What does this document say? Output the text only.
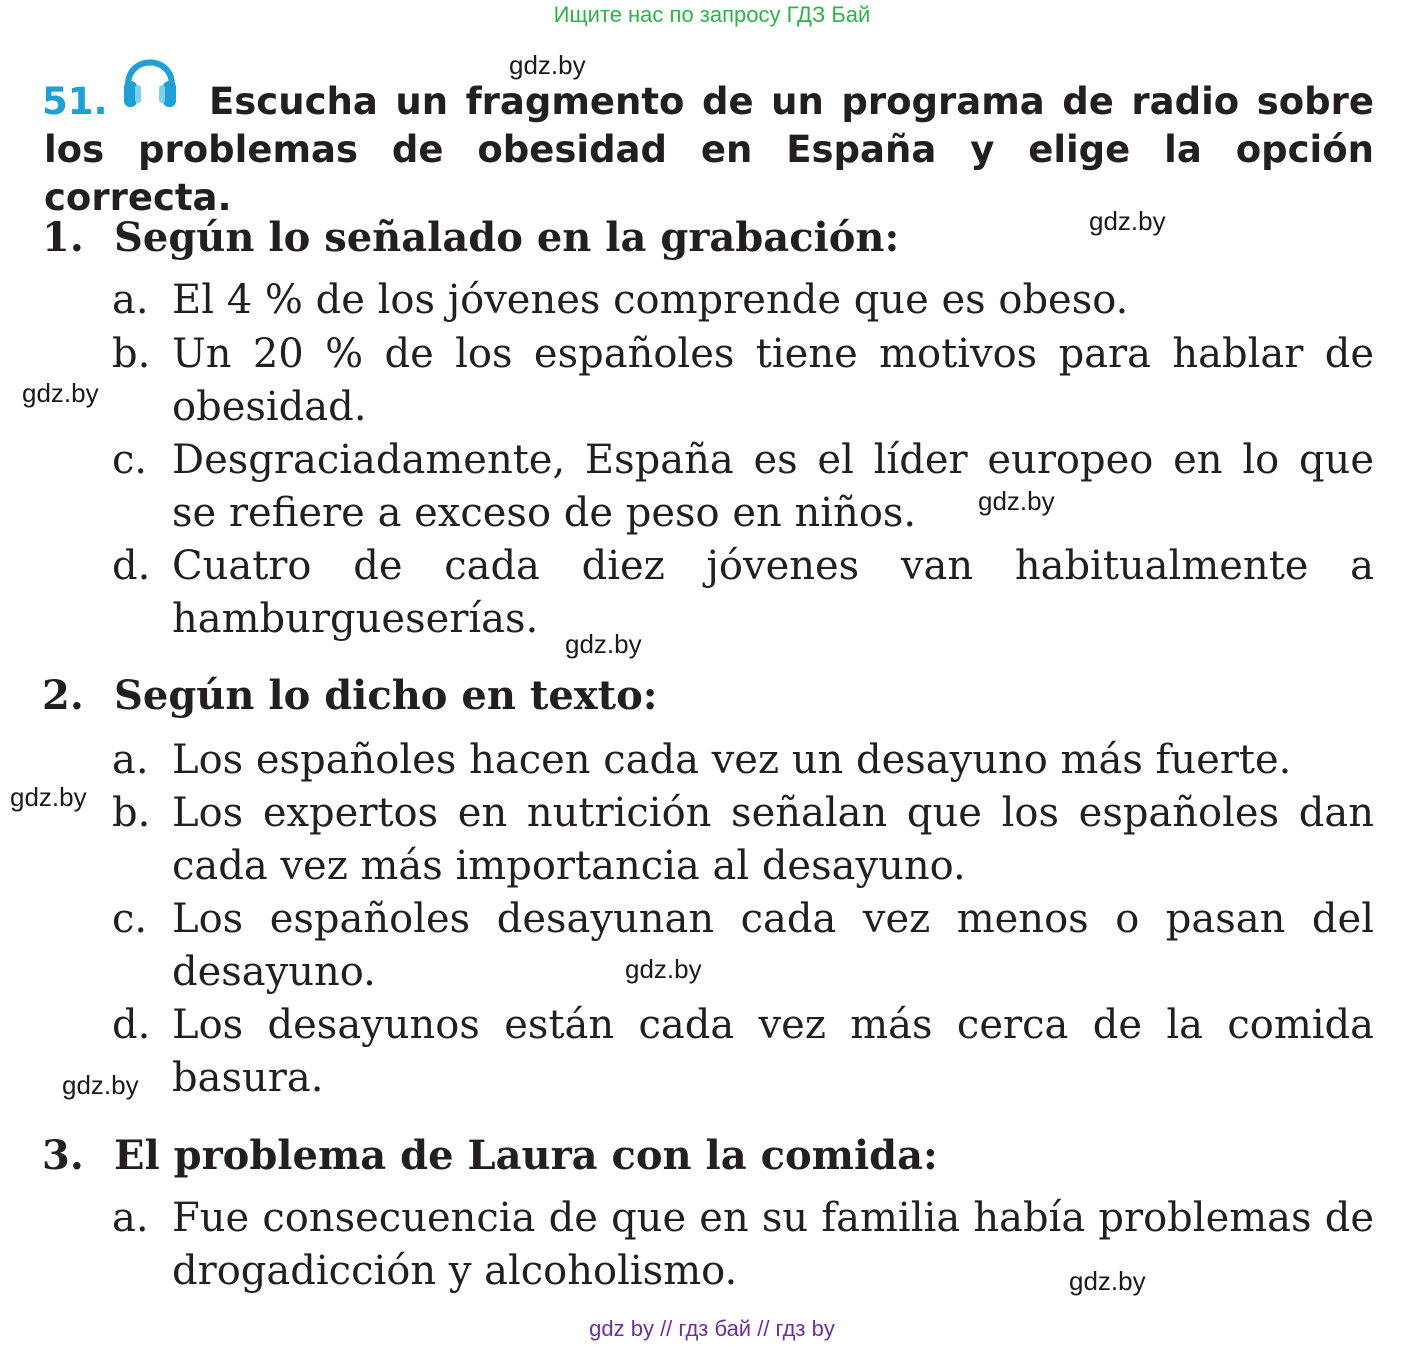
Ищите нас по запросу ГДЗ Бай
gdz.by
gdz.by
gdz.by
gdz.by
gdz.by
gdz.by
gdz.by
gdz.by
gdz.by
51.	Escucha un fragmento de un programa de radio sobre los problemas de obesidad en España y elige la opción correcta.
1. Según lo señalado en la grabación:
a. El 4 % de los jóvenes comprende que es obeso.
b. Un 20 % de los españoles tiene motivos para hablar de obesidad.
c. Desgraciadamente, España es el líder europeo en lo que se refiere a exceso de peso en niños.
d. Cuatro de cada diez jóvenes van habitualmente a hamburgueserías.
2. Según lo dicho en texto:
a. Los españoles hacen cada vez un desayuno más fuerte.
b. Los expertos en nutrición señalan que los españoles dan cada vez más importancia al desayuno.
c. Los españoles desayunan cada vez menos o pasan del desayuno.
d. Los desayunos están cada vez más cerca de la comida basura.
3. El problema de Laura con la comida:
a. Fue consecuencia de que en su familia había problemas de drogadicción y alcoholismo.
gdz by // гдз бай // гдз by
